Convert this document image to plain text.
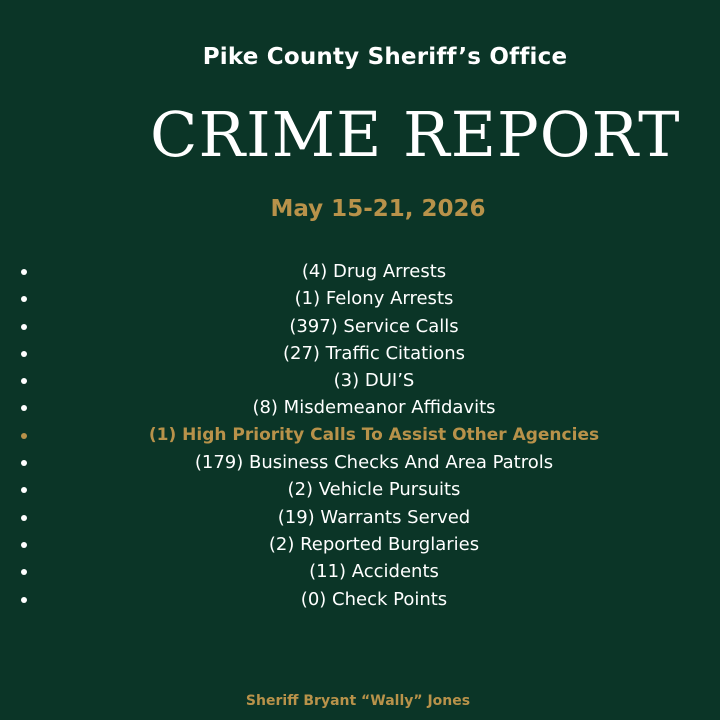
Pike County Sheriff’s Office
CRIME REPORT
May 15-21, 2026
(4) Drug Arrests
(1) Felony Arrests
(397) Service Calls
(27) Traffic Citations
(3) DUI’S
(8) Misdemeanor Affidavits
(1) High Priority Calls To Assist Other Agencies
(179) Business Checks And Area Patrols
(2) Vehicle Pursuits
(19) Warrants Served
(2) Reported Burglaries
(11) Accidents
(0) Check Points
Sheriff Bryant “Wally” Jones
